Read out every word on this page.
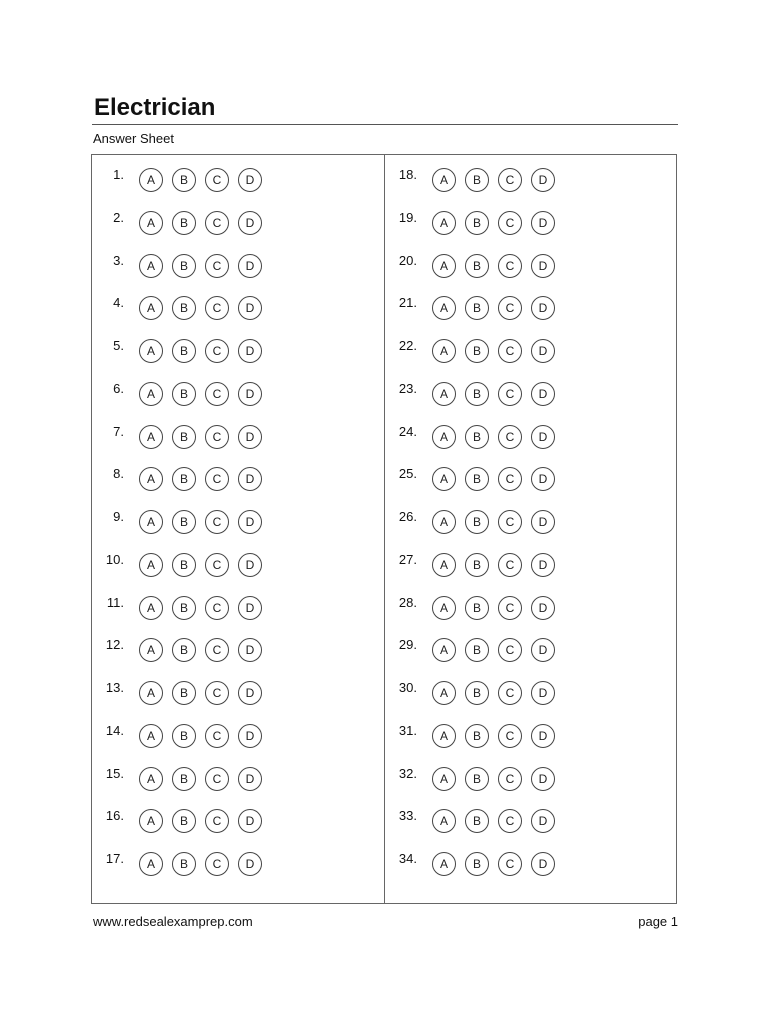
Electrician
Answer Sheet
1.	A	B	C	D
2.	A	B	C	D
3.	A	B	C	D
4.	A	B	C	D
5.	A	B	C	D
6.	A	B	C	D
7.	A	B	C	D
8.	A	B	C	D
9.	A	B	C	D
10.	A	B	C	D
11.	A	B	C	D
12.	A	B	C	D
13.	A	B	C	D
14.	A	B	C	D
15.	A	B	C	D
16.	A	B	C	D
17.	A	B	C	D
18.	A	B	C	D
19.	A	B	C	D
20.	A	B	C	D
21.	A	B	C	D
22.	A	B	C	D
23.	A	B	C	D
24.	A	B	C	D
25.	A	B	C	D
26.	A	B	C	D
27.	A	B	C	D
28.	A	B	C	D
29.	A	B	C	D
30.	A	B	C	D
31.	A	B	C	D
32.	A	B	C	D
33.	A	B	C	D
34.	A	B	C	D
www.redsealexamprep.com	page 1
